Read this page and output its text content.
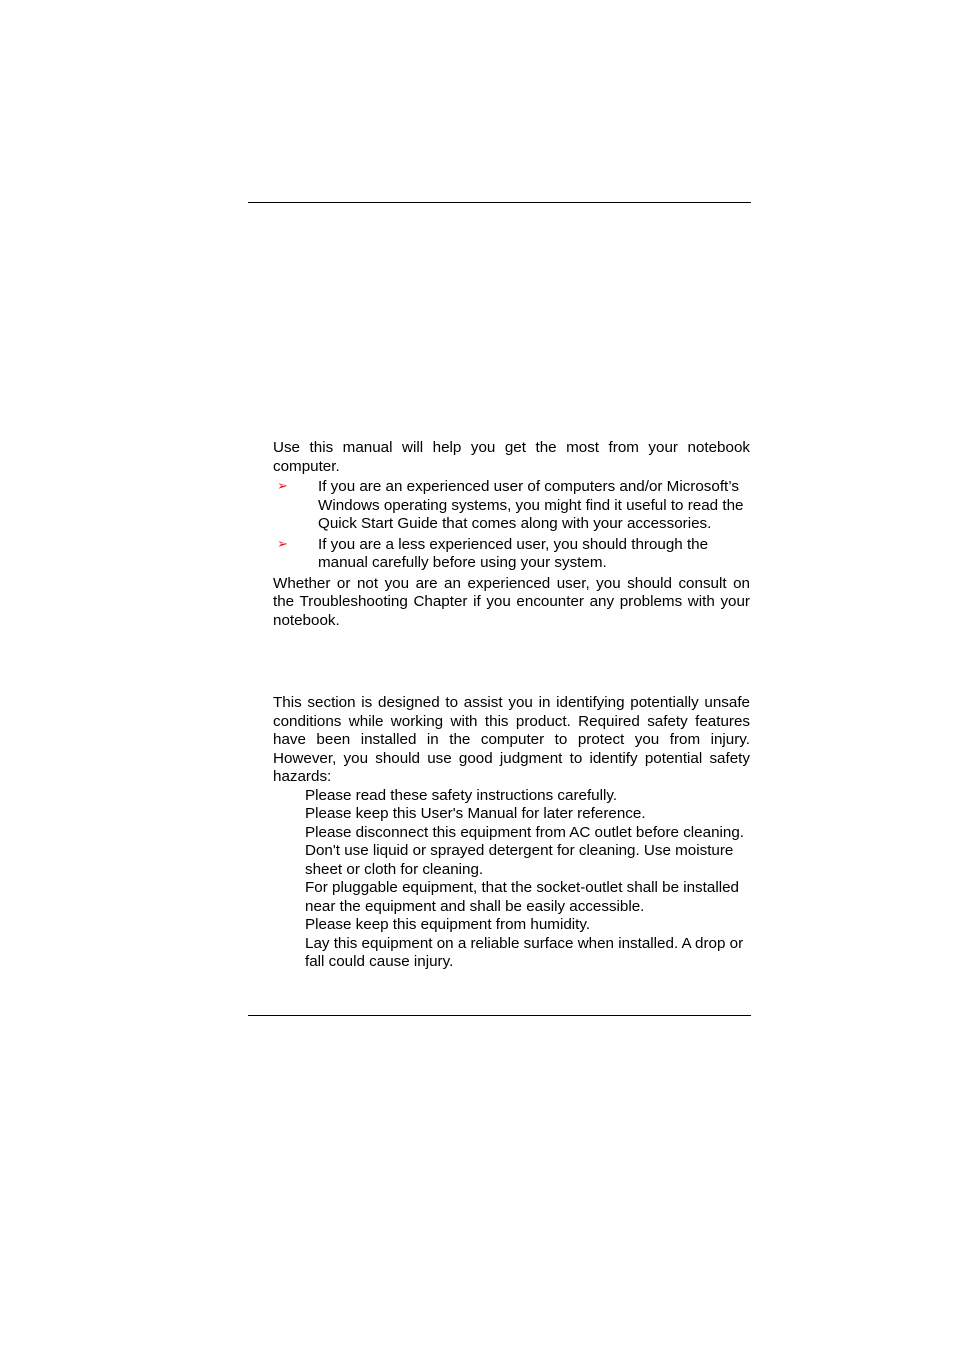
Use this manual will help you get the most from your notebook computer.

➢ If you are an experienced user of computers and/or Microsoft’s Windows operating systems, you might find it useful to read the Quick Start Guide that comes along with your accessories.
➢ If you are a less experienced user, you should through the manual carefully before using your system.

Whether or not you are an experienced user, you should consult on the Troubleshooting Chapter if you encounter any problems with your notebook.

This section is designed to assist you in identifying potentially unsafe conditions while working with this product. Required safety features have been installed in the computer to protect you from injury. However, you should use good judgment to identify potential safety hazards:

Please read these safety instructions carefully.
Please keep this User's Manual for later reference.
Please disconnect this equipment from AC outlet before cleaning. Don't use liquid or sprayed detergent for cleaning. Use moisture sheet or cloth for cleaning.
For pluggable equipment, that the socket-outlet shall be installed near the equipment and shall be easily accessible.
Please keep this equipment from humidity.
Lay this equipment on a reliable surface when installed. A drop or fall could cause injury.
